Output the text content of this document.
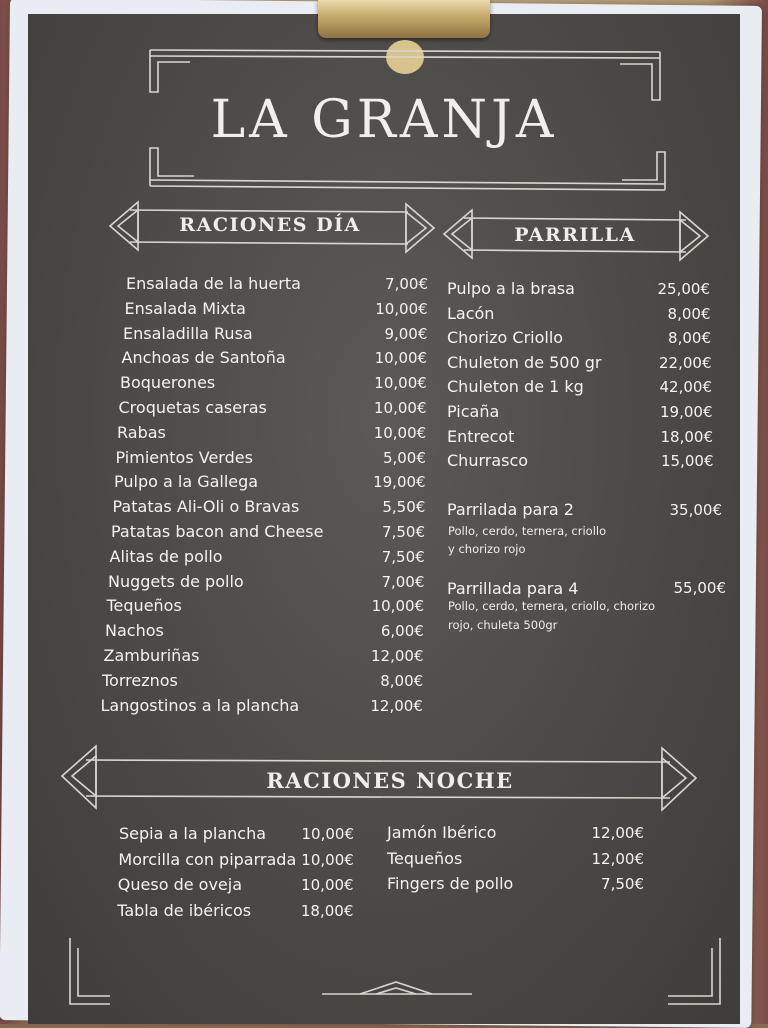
LA GRANJA
RACIONES DÍA	PARRILLA
Ensalada de la huerta	7,00€
Ensalada Mixta	10,00€
Ensaladilla Rusa	9,00€
Anchoas de Santoña	10,00€
Boquerones	10,00€
Croquetas caseras	10,00€
Rabas	10,00€
Pimientos Verdes	5,00€
Pulpo a la Gallega	19,00€
Patatas Ali-Oli o Bravas	5,50€
Patatas bacon and Cheese	7,50€
Alitas de pollo	7,50€
Nuggets de pollo	7,00€
Tequeños	10,00€
Nachos	6,00€
Zamburiñas	12,00€
Torreznos	8,00€
Langostinos a la plancha	12,00€
Pulpo a la brasa	25,00€
Lacón	8,00€
Chorizo Criollo	8,00€
Chuleton de 500 gr	22,00€
Chuleton de 1 kg	42,00€
Picaña	19,00€
Entrecot	18,00€
Churrasco	15,00€
Parrilada para 2	35,00€
Pollo, cerdo, ternera, criollo
y chorizo rojo
Parrillada para 4	55,00€
Pollo, cerdo, ternera, criollo, chorizo
rojo, chuleta 500gr
RACIONES NOCHE
Sepia a la plancha	10,00€
Morcilla con piparrada 10,00€
Queso de oveja	10,00€
Tabla de ibéricos	18,00€
Jamón Ibérico	12,00€
Tequeños	12,00€
Fingers de pollo	7,50€
